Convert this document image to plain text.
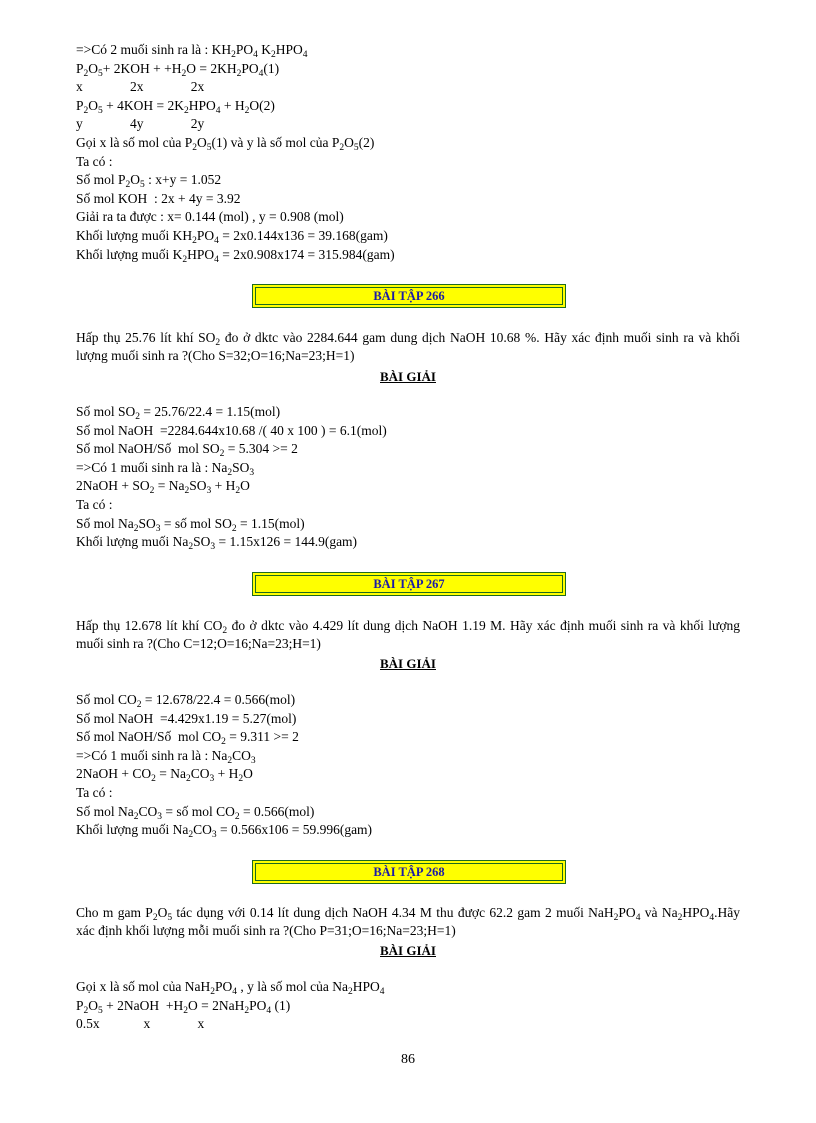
=>Có 2 muối sinh ra là : $KH_2PO_4$ $K_2HPO_4$
$P_2O_5+ 2KOH + +H_2O = 2KH_2PO_4(1)$
x              2x              2x
$P_2O_5 + 4KOH = 2K_2HPO_4 + H_2O(2)$
y              4y              2y
Gọi x là số mol của $P_2O_5(1)$ và y là số mol của $P_2O_5(2)$
Ta có :
Số mol $P_2O_5$ : x+y = 1.052
Số mol KOH  : 2x + 4y = 3.92
Giải ra ta được : x= 0.144 (mol) , y = 0.908 (mol)
Khối lượng muối $KH_2PO_4 = 2x0.144x136 = 39.168(gam)$
Khối lượng muối $K_2HPO_4 = 2x0.908x174 = 315.984(gam)$
BÀI TẬP 266
Hấp thụ 25.76 lít khí $SO_2$ đo ở dktc vào 2284.644 gam dung dịch NaOH 10.68 %. Hãy xác định muối sinh ra và khối lượng muối sinh ra ?(Cho S=32;O=16;Na=23;H=1)
BÀI GIẢI
Số mol $SO_2 = 25.76/22.4 = 1.15(mol)$
Số mol NaOH  =2284.644x10.68 /( 40 x 100 ) = 6.1(mol)
Số mol NaOH/Số  mol $SO_2 = 5.304 >= 2$
=>Có 1 muối sinh ra là : $Na_2SO_3$
2NaOH + $SO_2 = Na_2SO_3 + H_2O$
Ta có :
Số mol $Na_2SO_3$ = số mol $SO_2 = 1.15(mol)$
Khối lượng muối $Na_2SO_3 = 1.15x126 = 144.9(gam)$
BÀI TẬP 267
Hấp thụ 12.678 lít khí $CO_2$ đo ở dktc vào 4.429 lít dung dịch NaOH 1.19 M. Hãy xác định muối sinh ra và khối lượng muối sinh ra ?(Cho C=12;O=16;Na=23;H=1)
BÀI GIẢI
Số mol $CO_2 = 12.678/22.4 = 0.566(mol)$
Số mol NaOH  =4.429x1.19 = 5.27(mol)
Số mol NaOH/Số  mol $CO_2 = 9.311 >= 2$
=>Có 1 muối sinh ra là : $Na_2CO_3$
2NaOH + $CO_2 = Na_2CO_3 + H_2O$
Ta có :
Số mol $Na_2CO_3$ = số mol $CO_2 = 0.566(mol)$
Khối lượng muối $Na_2CO_3 = 0.566x106 = 59.996(gam)$
BÀI TẬP 268
Cho m gam $P_2O_5$ tác dụng với 0.14 lít dung dịch NaOH 4.34 M thu được 62.2 gam 2 muối $NaH_2PO_4$ và $Na_2HPO_4.Hãy$ xác định khối lượng mỗi muối sinh ra ?(Cho P=31;O=16;Na=23;H=1)
BÀI GIẢI
Gọi x là số mol của $NaH_2PO_4$ , y là số mol của $Na_2HPO_4$
$P_2O_5$ + 2NaOH  $+H_2O = 2NaH_2PO_4$ (1)
0.5x             x              x
86
